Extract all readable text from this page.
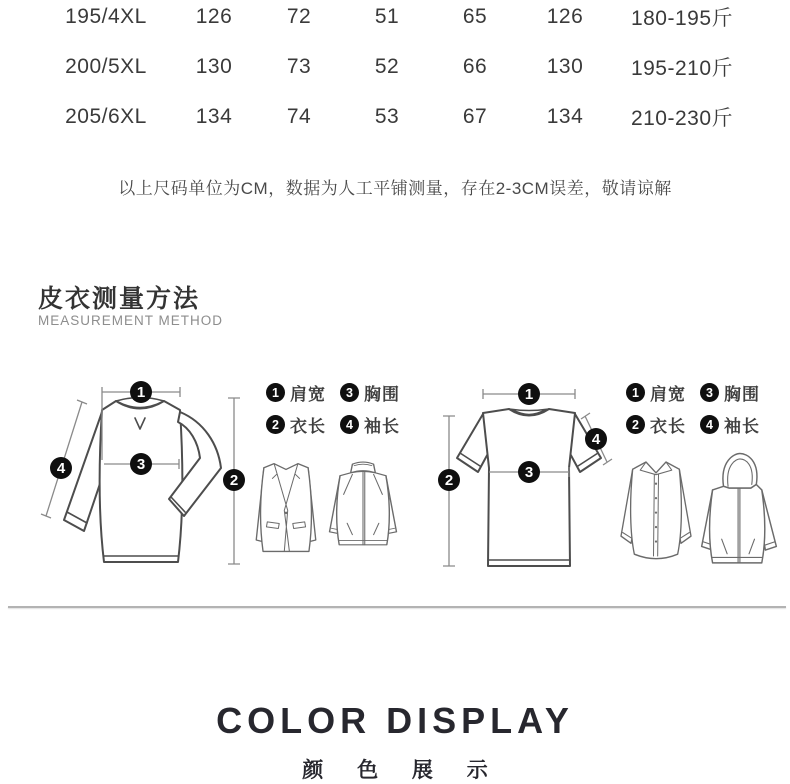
195/4XL	126	72	51	65	126	180-195斤
200/5XL	130	73	52	66	130	195-210斤
205/6XL	134	74	53	67	134	210-230斤
以上尺码单位为CM，数据为人工平铺测量，存在2-3CM误差，敬请谅解
皮衣测量方法
MEASUREMENT METHOD
1
3
2
4
1 肩宽	3 胸围
2 衣长	4 袖长
1
2	3
4
1 肩宽	3 胸围
2 衣长	4 袖长
COLOR DISPLAY
颜 色 展 示
